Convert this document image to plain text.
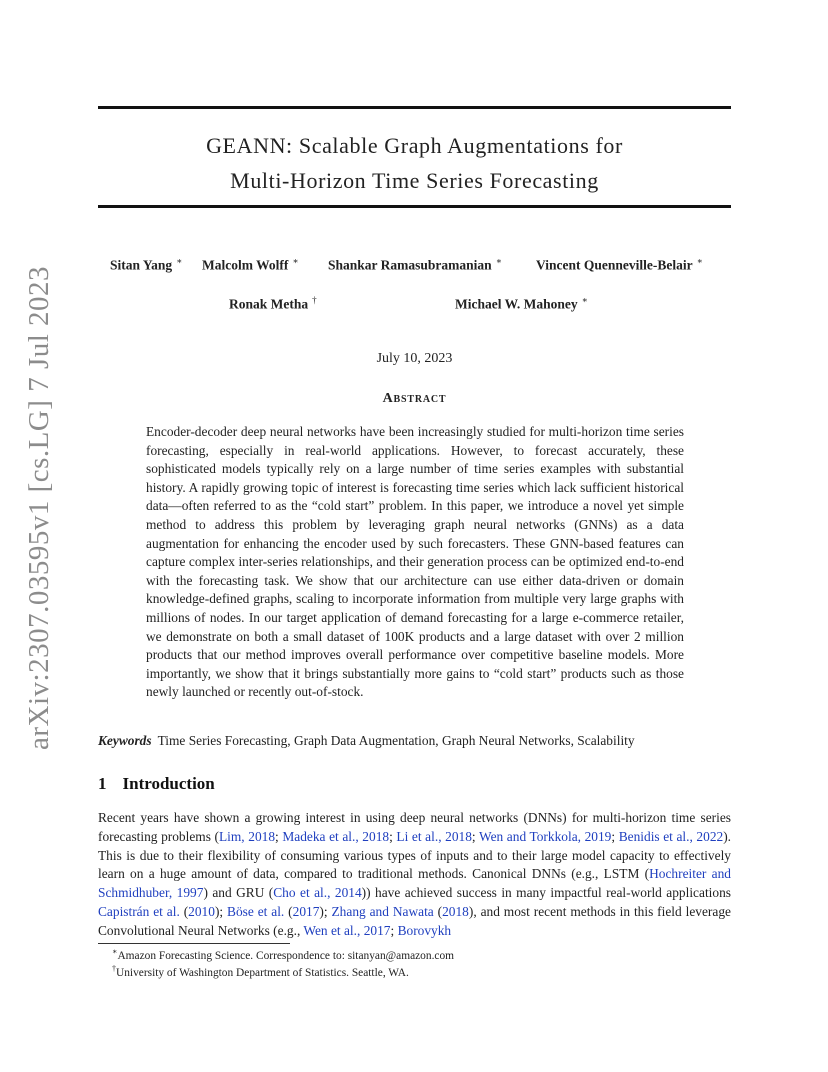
arXiv:2307.03595v1 [cs.LG] 7 Jul 2023
GEANN: Scalable Graph Augmentations for
Multi-Horizon Time Series Forecasting
Sitan Yang ∗ Malcolm Wolff ∗ Shankar Ramasubramanian ∗	Vincent Quenneville-Belair ∗
Ronak Metha †	Michael W. Mahoney ∗
July 10, 2023
Abstract

Encoder-decoder deep neural networks have been increasingly studied for multi-horizon time series forecasting, especially in real-world applications. However, to forecast accurately, these sophisticated models typically rely on a large number of time series examples with substantial history. A rapidly growing topic of interest is forecasting time series which lack sufficient historical data—often referred to as the “cold start” problem. In this paper, we introduce a novel yet simple method to address this problem by leveraging graph neural networks (GNNs) as a data augmentation for enhancing the encoder used by such forecasters. These GNN-based features can capture complex inter-series relationships, and their generation process can be optimized end-to-end with the forecasting task. We show that our architecture can use either data-driven or domain knowledge-defined graphs, scaling to incorporate information from multiple very large graphs with millions of nodes. In our target application of demand forecasting for a large e-commerce retailer, we demonstrate on both a small dataset of 100K products and a large dataset with over 2 million products that our method improves overall performance over competitive baseline models. More importantly, we show that it brings substantially more gains to “cold start” products such as those newly launched or recently out-of-stock.

Keywords Time Series Forecasting, Graph Data Augmentation, Graph Neural Networks, Scalability
1 Introduction

Recent years have shown a growing interest in using deep neural networks (DNNs) for multi-horizon time series forecasting problems (Lim, 2018; Madeka et al., 2018; Li et al., 2018; Wen and Torkkola, 2019; Benidis et al., 2022). This is due to their flexibility of consuming various types of inputs and to their large model capacity to effectively learn on a huge amount of data, compared to traditional methods. Canonical DNNs (e.g., LSTM (Hochreiter and Schmidhuber, 1997) and GRU (Cho et al., 2014)) have achieved success in many impactful real-world applications Capistrán et al. (2010); Böse et al. (2017); Zhang and Nawata (2018), and most recent methods in this field leverage Convolutional Neural Networks (e.g., Wen et al., 2017; Borovykh

∗Amazon Forecasting Science. Correspondence to: sitanyan@amazon.com
†University of Washington Department of Statistics. Seattle, WA.
